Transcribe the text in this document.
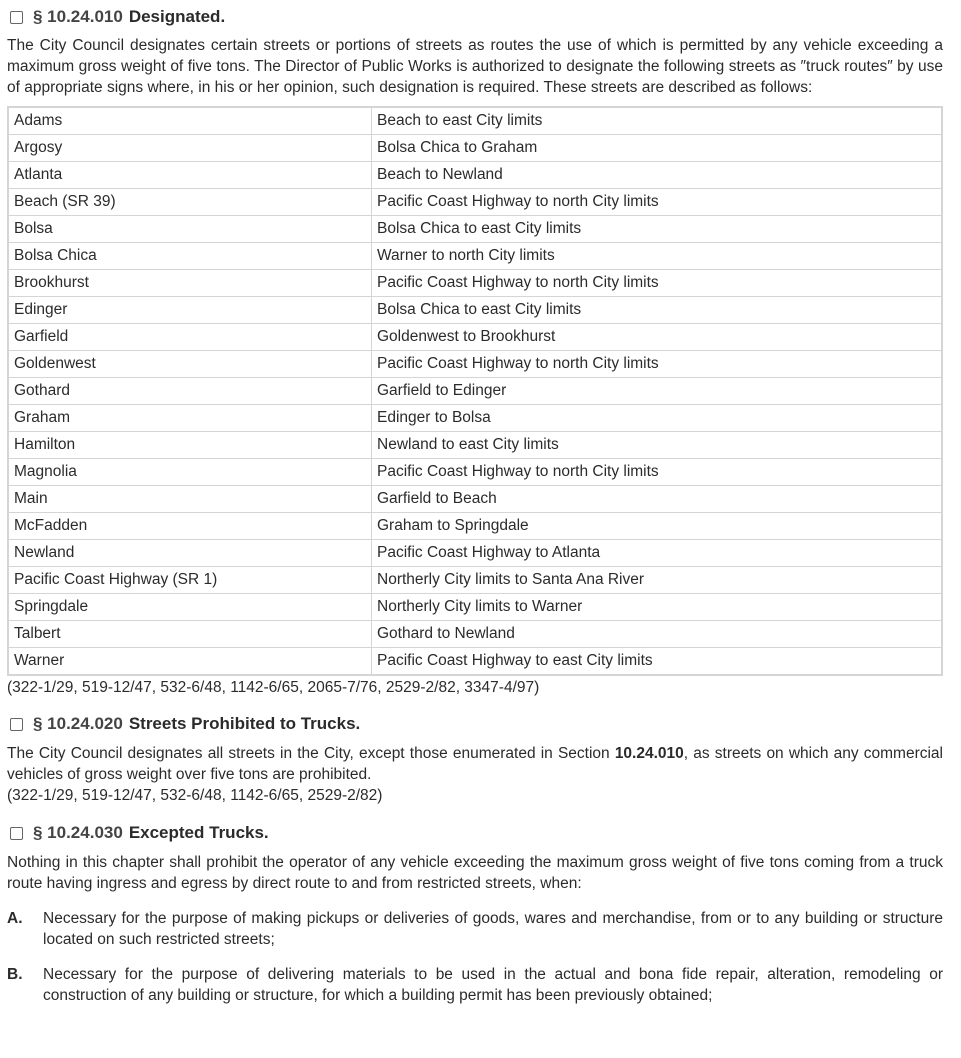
§ 10.24.010 Designated.

The City Council designates certain streets or portions of streets as routes the use of which is permitted by any vehicle exceeding a maximum gross weight of five tons. The Director of Public Works is authorized to designate the following streets as ″truck routes″ by use of appropriate signs where, in his or her opinion, such designation is required. These streets are described as follows:

Adams	Beach to east City limits
Argosy	Bolsa Chica to Graham
Atlanta	Beach to Newland
Beach (SR 39)	Pacific Coast Highway to north City limits
Bolsa	Bolsa Chica to east City limits
Bolsa Chica	Warner to north City limits
Brookhurst	Pacific Coast Highway to north City limits
Edinger	Bolsa Chica to east City limits
Garfield	Goldenwest to Brookhurst
Goldenwest	Pacific Coast Highway to north City limits
Gothard	Garfield to Edinger
Graham	Edinger to Bolsa
Hamilton	Newland to east City limits
Magnolia	Pacific Coast Highway to north City limits
Main	Garfield to Beach
McFadden	Graham to Springdale
Newland	Pacific Coast Highway to Atlanta
Pacific Coast Highway (SR 1)	Northerly City limits to Santa Ana River
Springdale	Northerly City limits to Warner
Talbert	Gothard to Newland
Warner	Pacific Coast Highway to east City limits

(322-1/29, 519-12/47, 532-6/48, 1142-6/65, 2065-7/76, 2529-2/82, 3347-4/97)

§ 10.24.020 Streets Prohibited to Trucks.

The City Council designates all streets in the City, except those enumerated in Section 10.24.010, as streets on which any commercial vehicles of gross weight over five tons are prohibited.

(322-1/29, 519-12/47, 532-6/48, 1142-6/65, 2529-2/82)

§ 10.24.030 Excepted Trucks.

Nothing in this chapter shall prohibit the operator of any vehicle exceeding the maximum gross weight of five tons coming from a truck route having ingress and egress by direct route to and from restricted streets, when:

A.	Necessary for the purpose of making pickups or deliveries of goods, wares and merchandise, from or to any building or structure located on such restricted streets;
B.	Necessary for the purpose of delivering materials to be used in the actual and bona fide repair, alteration, remodeling or construction of any building or structure, for which a building permit has been previously obtained;
